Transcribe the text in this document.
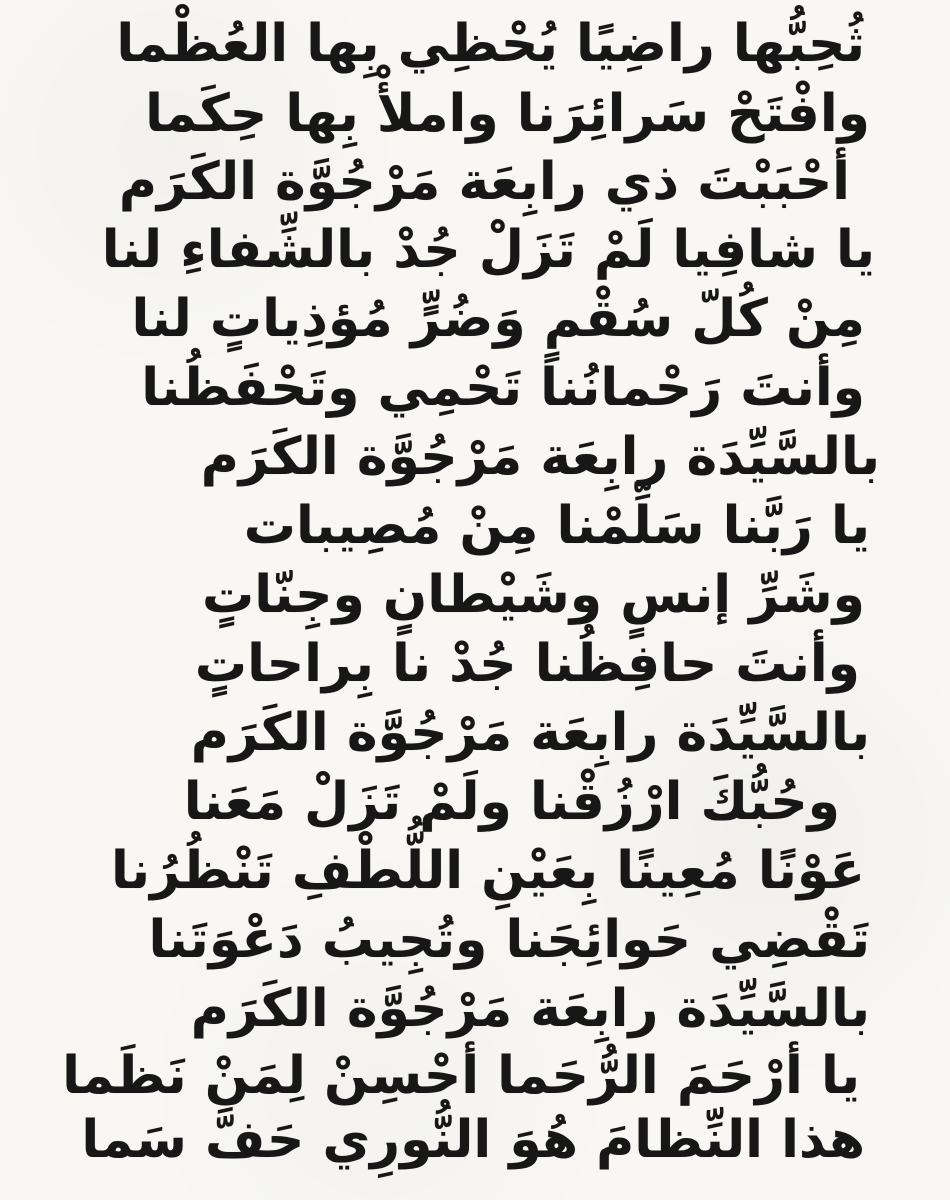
ثُحِبُّها راضِيًا يُحْظِي بِها العُظْما
وافْتَحْ سَرائِرَنا واملأْ بِها حِكَما
أحْبَبْتَ ذي رابِعَة مَرْجُوَّة الكَرَم
يا شافِيا لَمْ تَزَلْ جُدْ بالشِّفاءِ لنا
مِنْ كُلّ سُقْمٍ وَضُرٍّ مُؤذِياتٍ لنا
وأنتَ رَحْمانُنا تَحْمِي وتَحْفَظُنا
بالسَّيِّدَة رابِعَة مَرْجُوَّة الكَرَم
يا رَبَّنا سَلِّمْنا مِنْ مُصِيبات
وشَرِّ إنسٍ وشَيْطانٍ وجِنّاتٍ
وأنتَ حافِظُنا جُدْ نا بِراحاتٍ
بالسَّيِّدَة رابِعَة مَرْجُوَّة الكَرَم
وحُبُّكَ ارْزُقْنا ولَمْ تَزَلْ مَعَنا
عَوْنًا مُعِينًا بِعَيْنِ اللُّطْفِ تَنْظُرُنا
تَقْضِي حَوائِجَنا وتُجِيبُ دَعْوَتَنا
بالسَّيِّدَة رابِعَة مَرْجُوَّة الكَرَم
يا أرْحَمَ الرُّحَما أحْسِنْ لِمَنْ نَظَما
هذا النِّظامَ هُوَ النُّورِي حَفَّ سَما
